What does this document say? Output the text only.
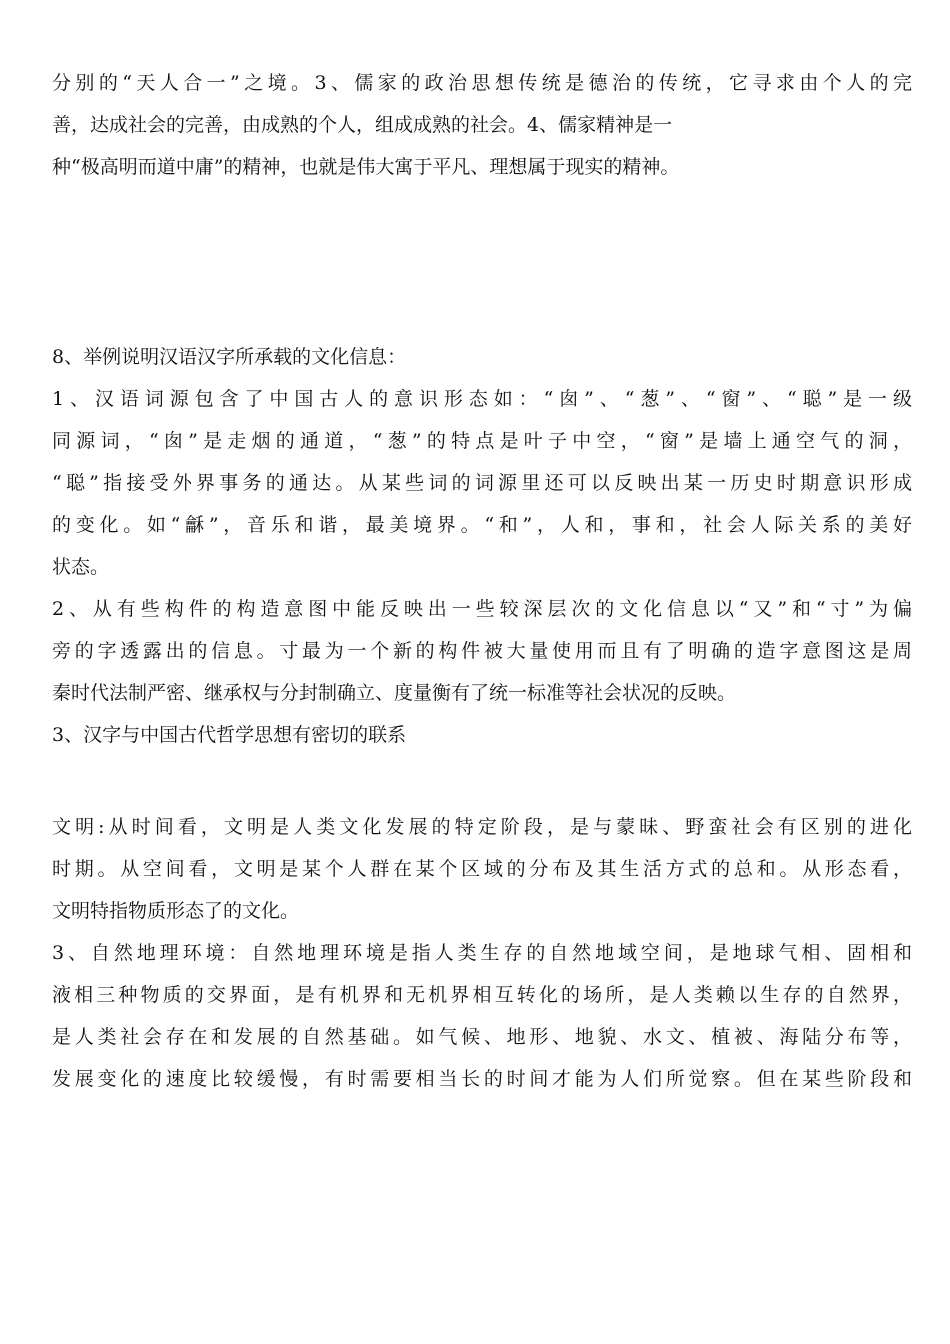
分别的“天人合一”之境。3、儒家的政治思想传统是德治的传统，它寻求由个人的完
善，达成社会的完善，由成熟的个人，组成成熟的社会。4、儒家精神是一
种“极高明而道中庸”的精神，也就是伟大寓于平凡、理想属于现实的精神。
8、举例说明汉语汉字所承载的文化信息：
1、汉语词源包含了中国古人的意识形态如：“囱”、“葱”、“窗”、“聪”是一级
同源词，“囱”是走烟的通道，“葱”的特点是叶子中空，“窗”是墙上通空气的洞，
“聪”指接受外界事务的通达。从某些词的词源里还可以反映出某一历史时期意识形成
的变化。如“龢”，音乐和谐，最美境界。“和”，人和，事和，社会人际关系的美好
状态。
2、从有些构件的构造意图中能反映出一些较深层次的文化信息以“又”和“寸”为偏
旁的字透露出的信息。寸最为一个新的构件被大量使用而且有了明确的造字意图这是周
秦时代法制严密、继承权与分封制确立、度量衡有了统一标准等社会状况的反映。
3、汉字与中国古代哲学思想有密切的联系
文明:从时间看，文明是人类文化发展的特定阶段，是与蒙昧、野蛮社会有区别的进化
时期。从空间看，文明是某个人群在某个区域的分布及其生活方式的总和。从形态看，
文明特指物质形态了的文化。
3、自然地理环境：自然地理环境是指人类生存的自然地域空间，是地球气相、固相和
液相三种物质的交界面，是有机界和无机界相互转化的场所，是人类赖以生存的自然界，
是人类社会存在和发展的自然基础。如气候、地形、地貌、水文、植被、海陆分布等，
发展变化的速度比较缓慢，有时需要相当长的时间才能为人们所觉察。但在某些阶段和
